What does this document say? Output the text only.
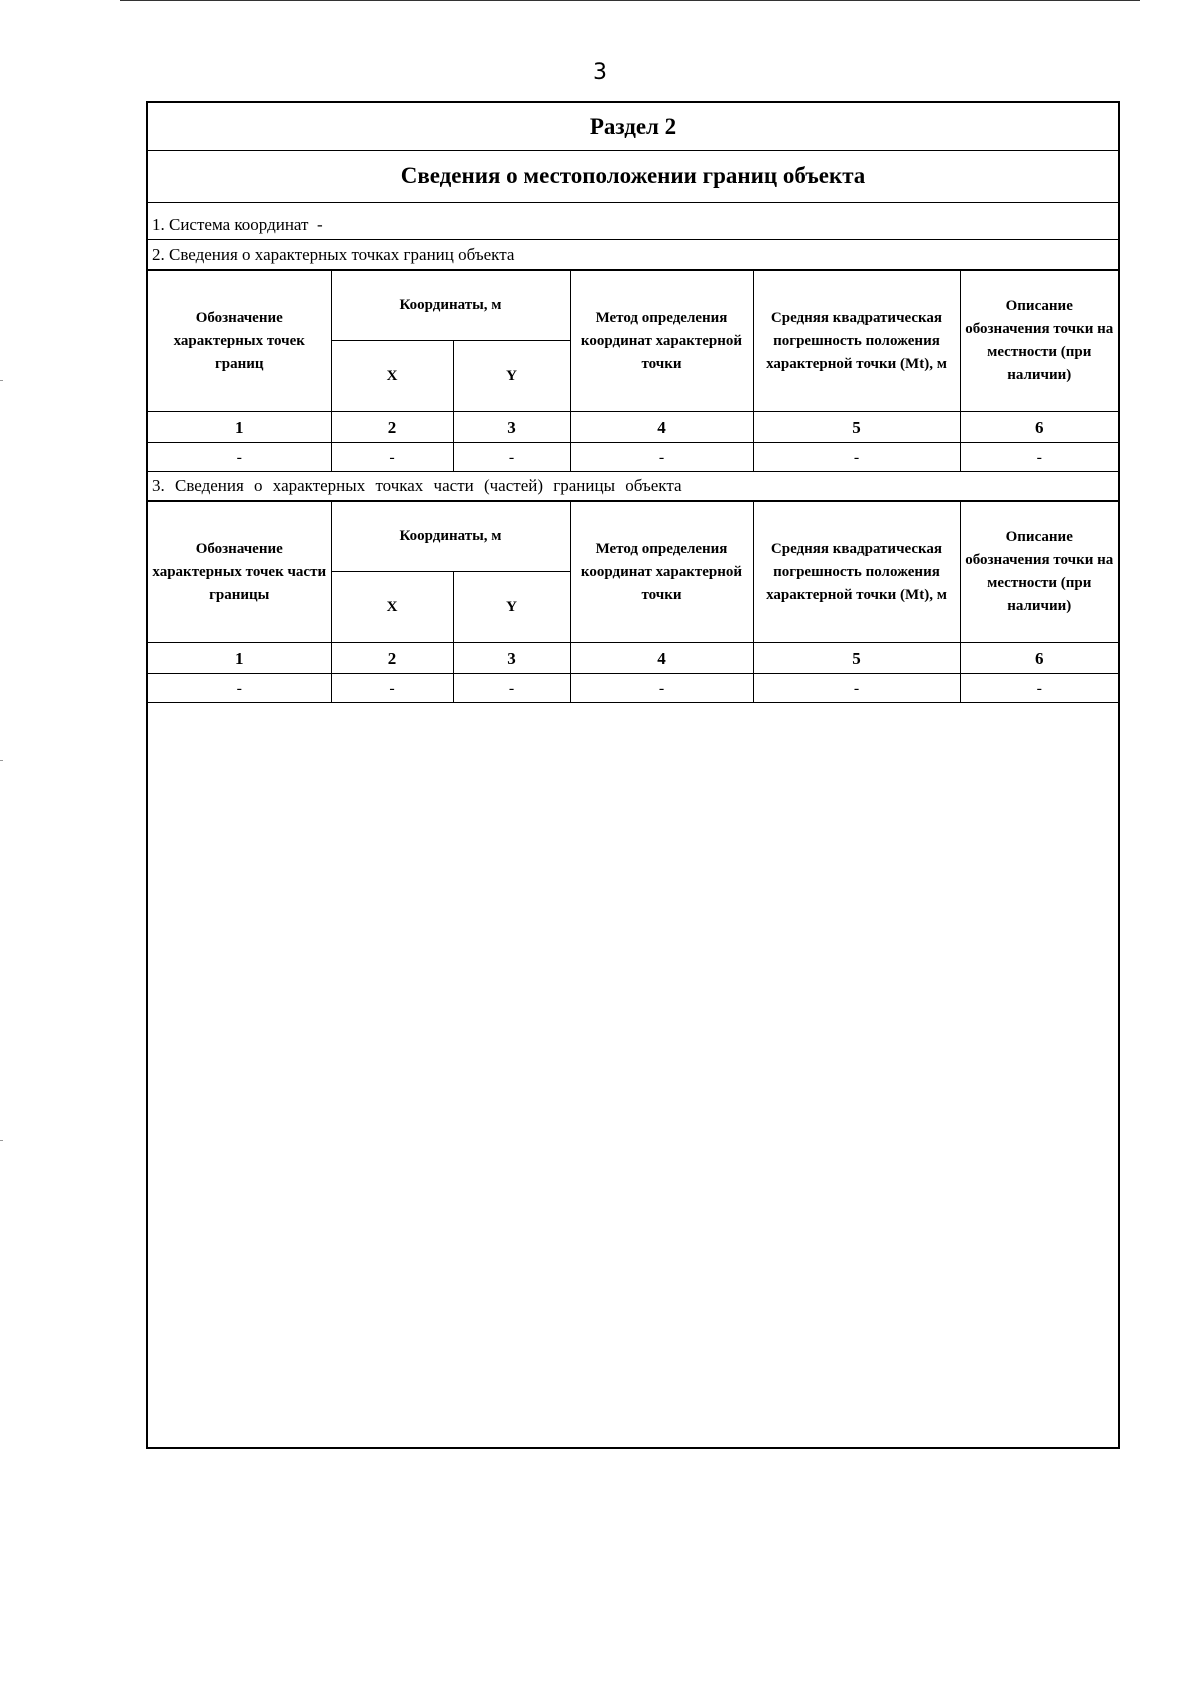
3
Раздел 2
Сведения о местоположении границ объекта
1. Система координат -
2. Сведения о характерных точках границ объекта
Обозначение характерных точек границ	Координаты, м		Метод определения координат характерной точки	Средняя квадратическая погрешность положения характерной точки (Mt), м	Описание обозначения точки на местности (при наличии)
	X	Y			
1	2	3	4	5	6
-	-	-	-	-	-
3. Сведения о характерных точках части (частей) границы объекта
Обозначение характерных точек части границы	Координаты, м		Метод определения координат характерной точки	Средняя квадратическая погрешность положения характерной точки (Mt), м	Описание обозначения точки на местности (при наличии)
	X	Y			
1	2	3	4	5	6
-	-	-	-	-	-
